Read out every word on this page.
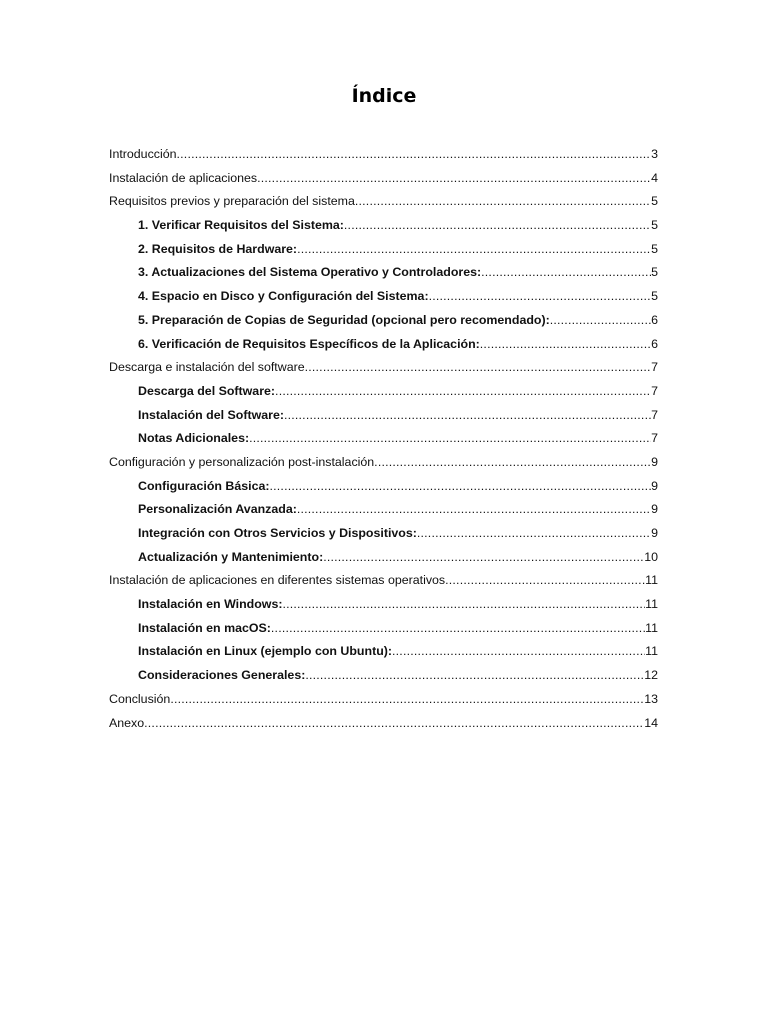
Índice
Introducción .....	3
Instalación de aplicaciones .....	4
Requisitos previos y preparación del sistema .....	5
1. Verificar Requisitos del Sistema: .....	5
2. Requisitos de Hardware: .....	5
3. Actualizaciones del Sistema Operativo y Controladores: .....	5
4. Espacio en Disco y Configuración del Sistema: .....	5
5. Preparación de Copias de Seguridad (opcional pero recomendado): .....	6
6. Verificación de Requisitos Específicos de la Aplicación: .....	6
Descarga e instalación del software .....	7
Descarga del Software: .....	7
Instalación del Software: .....	7
Notas Adicionales: .....	7
Configuración y personalización post-instalación .....	9
Configuración Básica: .....	9
Personalización Avanzada: .....	9
Integración con Otros Servicios y Dispositivos: .....	9
Actualización y Mantenimiento: .....	10
Instalación de aplicaciones en diferentes sistemas operativos .....	11
Instalación en Windows: .....	11
Instalación en macOS: .....	11
Instalación en Linux (ejemplo con Ubuntu): .....	11
Consideraciones Generales: .....	12
Conclusión .....	13
Anexo .....	14
